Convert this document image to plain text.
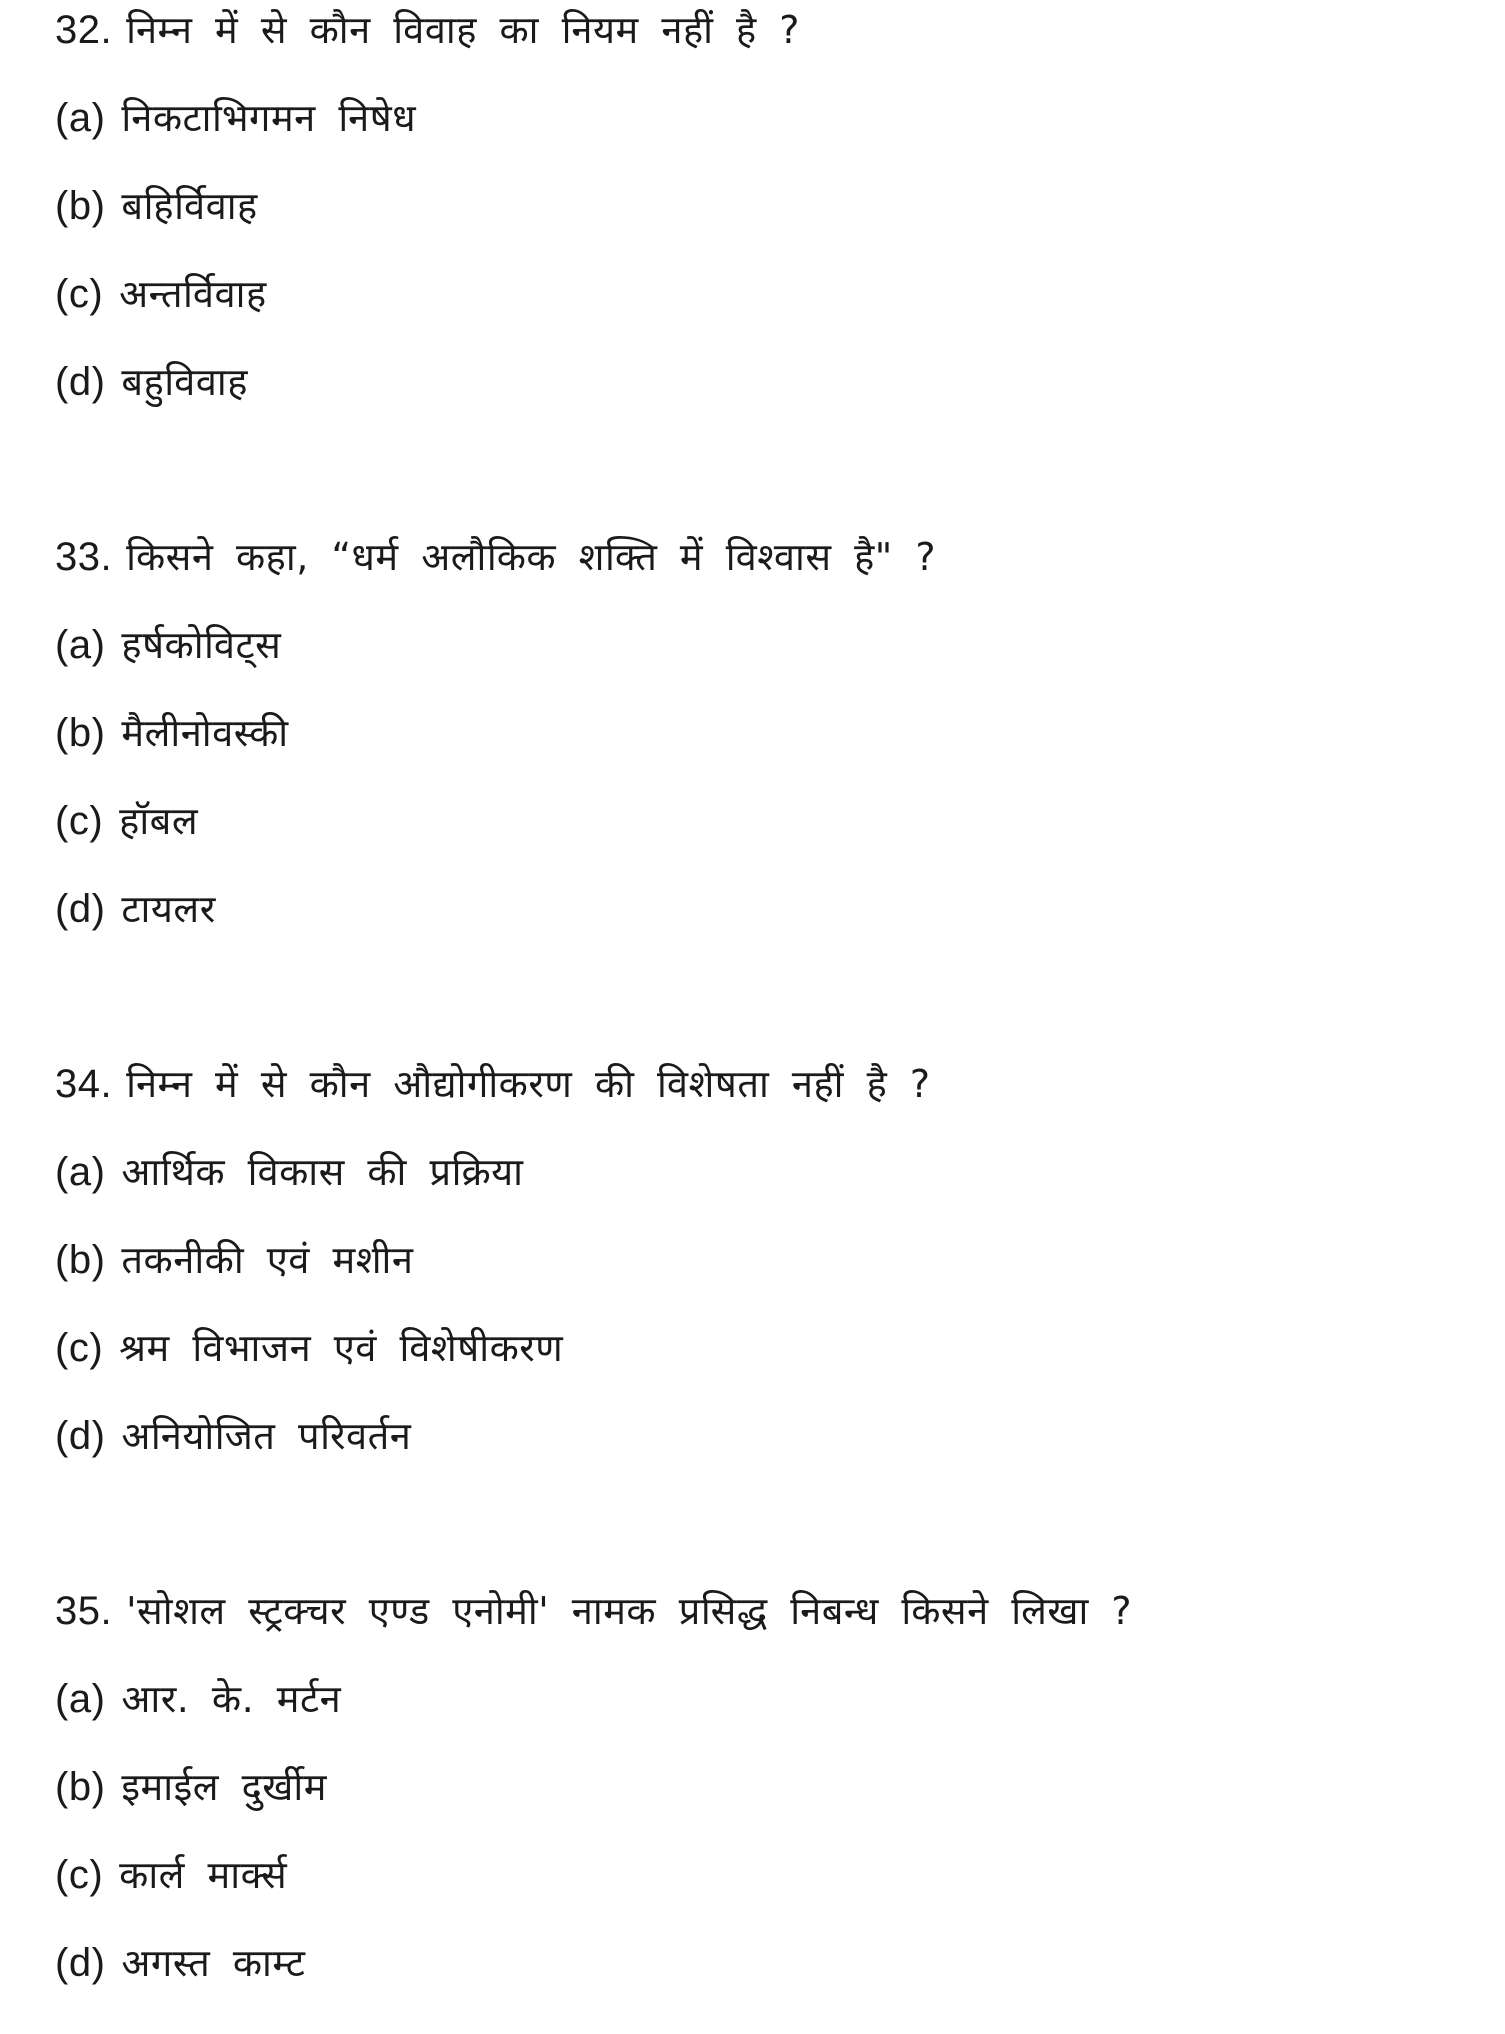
32. निम्न में से कौन विवाह का नियम नहीं है ?
(a) निकटाभिगमन निषेध
(b) बहिर्विवाह
(c) अन्तर्विवाह
(d) बहुविवाह
33. किसने कहा, “धर्म अलौकिक शक्ति में विश्वास है" ?
(a) हर्षकोविट्स
(b) मैलीनोवस्की
(c) हॉबल
(d) टायलर
34. निम्न में से कौन औद्योगीकरण की विशेषता नहीं है ?
(a) आर्थिक विकास की प्रक्रिया
(b) तकनीकी एवं मशीन
(c) श्रम विभाजन एवं विशेषीकरण
(d) अनियोजित परिवर्तन
35. 'सोशल स्ट्रक्चर एण्ड एनोमी' नामक प्रसिद्ध निबन्ध किसने लिखा ?
(a) आर. के. मर्टन
(b) इमाईल दुर्खीम
(c) कार्ल मार्क्स
(d) अगस्त काम्ट
